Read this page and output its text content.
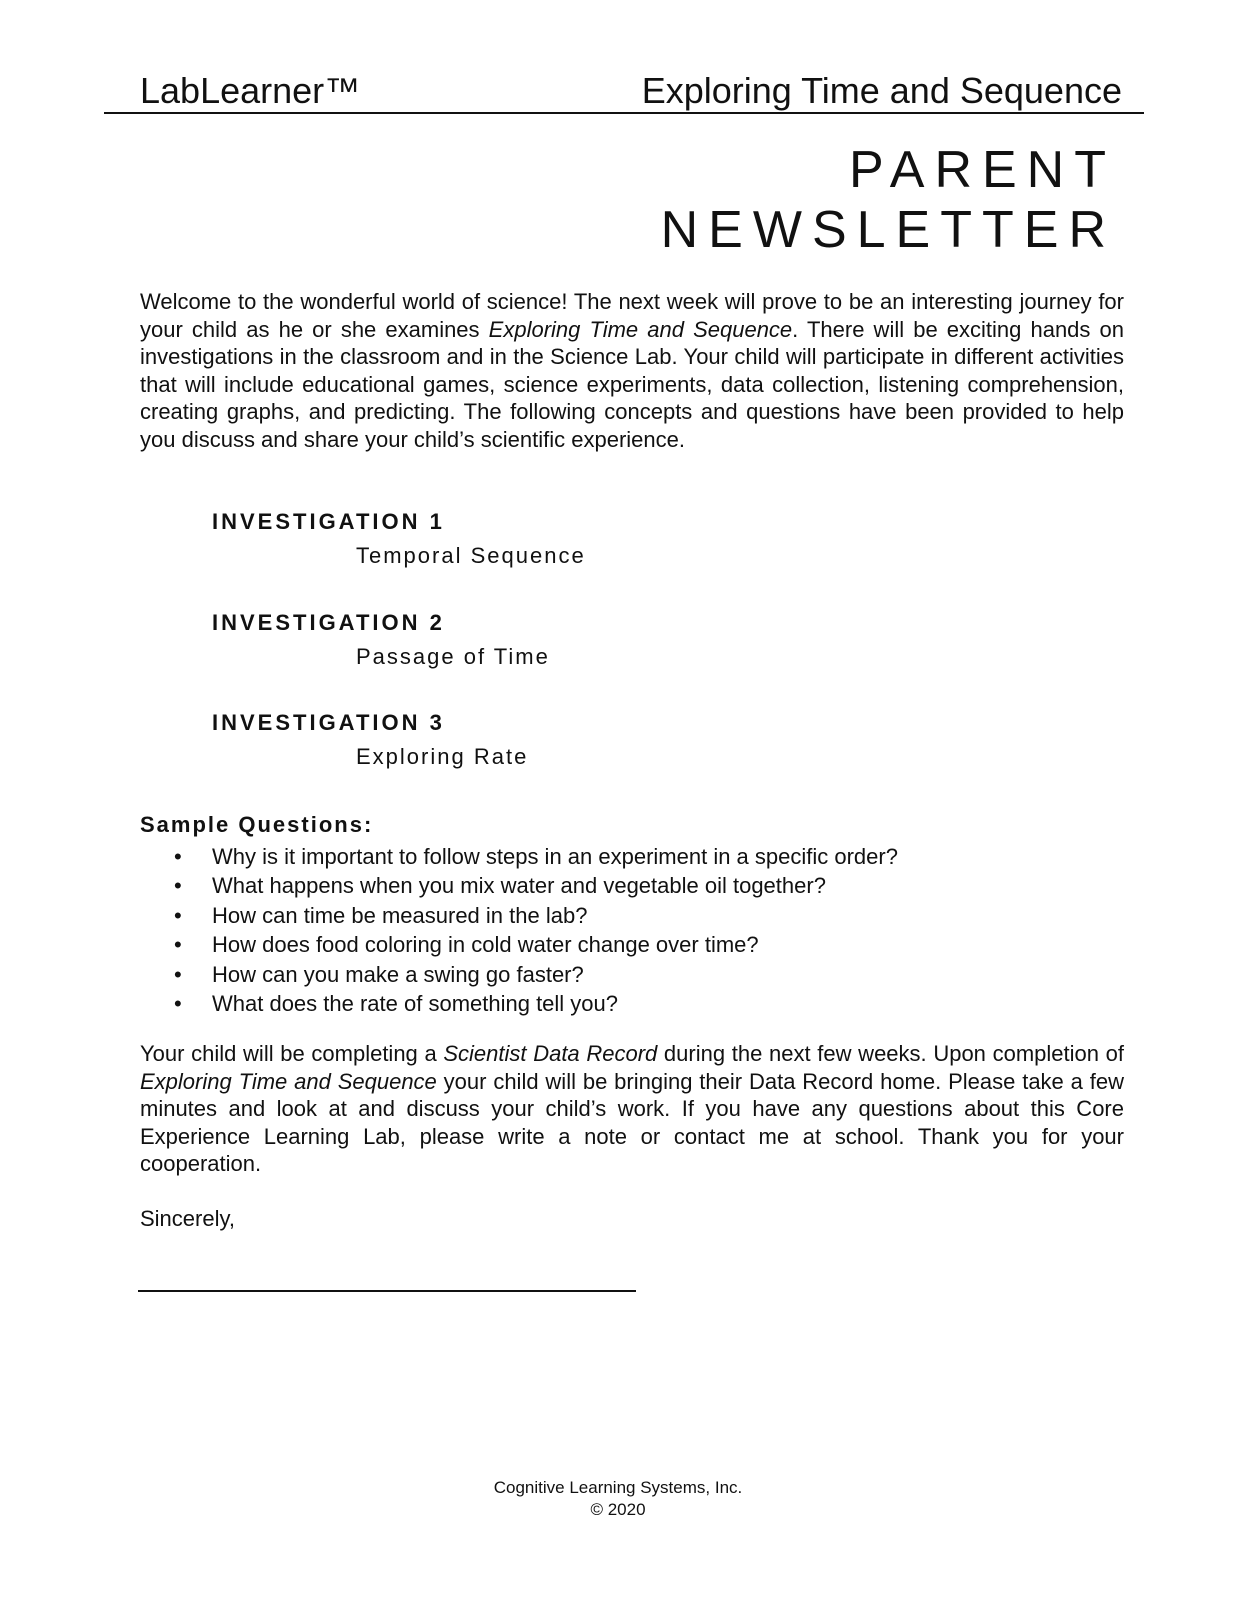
LabLearner™	Exploring Time and Sequence
PARENT
NEWSLETTER
Welcome to the wonderful world of science! The next week will prove to be an interesting journey for your child as he or she examines Exploring Time and Sequence. There will be exciting hands on investigations in the classroom and in the Science Lab. Your child will participate in different activities that will include educational games, science experiments, data collection, listening comprehension, creating graphs, and predicting. The following concepts and questions have been provided to help you discuss and share your child’s scientific experience.
INVESTIGATION 1
Temporal Sequence
INVESTIGATION 2
Passage of Time
INVESTIGATION 3
Exploring Rate
Sample Questions:
• Why is it important to follow steps in an experiment in a specific order?
• What happens when you mix water and vegetable oil together?
• How can time be measured in the lab?
• How does food coloring in cold water change over time?
• How can you make a swing go faster?
• What does the rate of something tell you?
Your child will be completing a Scientist Data Record during the next few weeks. Upon completion of Exploring Time and Sequence your child will be bringing their Data Record home. Please take a few minutes and look at and discuss your child’s work. If you have any questions about this Core Experience Learning Lab, please write a note or contact me at school. Thank you for your cooperation.
Sincerely,
Cognitive Learning Systems, Inc.
© 2020
